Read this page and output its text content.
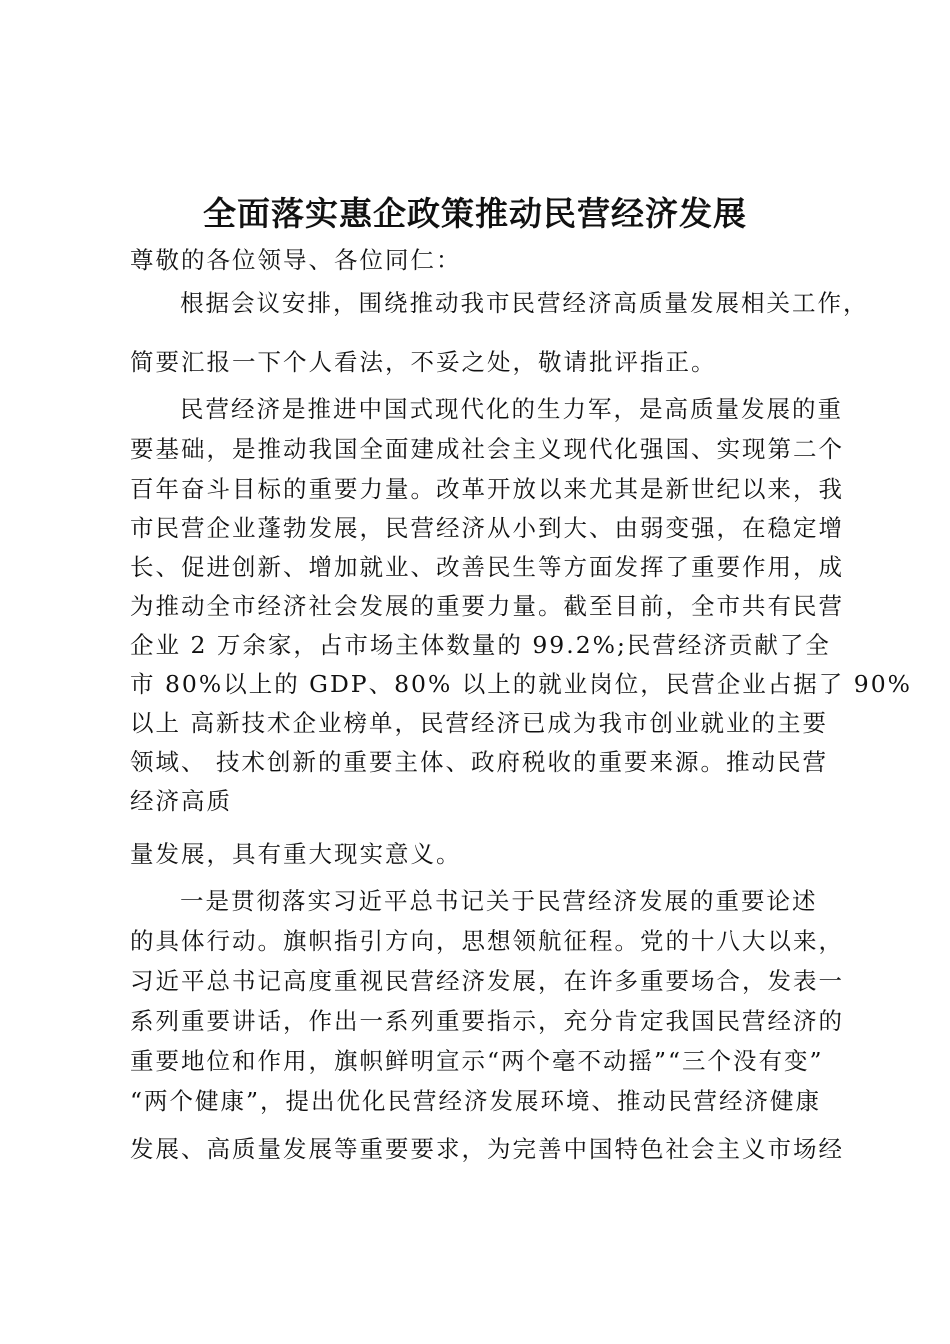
全面落实惠企政策推动民营经济发展

尊敬的各位领导、各位同仁：

根据会议安排，围绕推动我市民营经济高质量发展相关工作，

简要汇报一下个人看法，不妥之处，敬请批评指正。

民营经济是推进中国式现代化的生力军，是高质量发展的重

要基础，是推动我国全面建成社会主义现代化强国、实现第二个

百年奋斗目标的重要力量。改革开放以来尤其是新世纪以来，我

市民营企业蓬勃发展，民营经济从小到大、由弱变强，在稳定增

长、促进创新、增加就业、改善民生等方面发挥了重要作用，成

为推动全市经济社会发展的重要力量。截至目前，全市共有民营

企业 2 万余家，占市场主体数量的 99.2%;民营经济贡献了全

市 80%以上的 GDP、80% 以上的就业岗位，民营企业占据了 90%

以上 高新技术企业榜单，民营经济已成为我市创业就业的主要

领域、 技术创新的重要主体、政府税收的重要来源。推动民营

经济高质

量发展，具有重大现实意义。

一是贯彻落实习近平总书记关于民营经济发展的重要论述

的具体行动。旗帜指引方向，思想领航征程。党的十八大以来，

习近平总书记高度重视民营经济发展，在许多重要场合，发表一

系列重要讲话，作出一系列重要指示，充分肯定我国民营经济的

重要地位和作用，旗帜鲜明宣示“两个毫不动摇”“三个没有变”

“两个健康”，提出优化民营经济发展环境、推动民营经济健康

发展、高质量发展等重要要求，为完善中国特色社会主义市场经
